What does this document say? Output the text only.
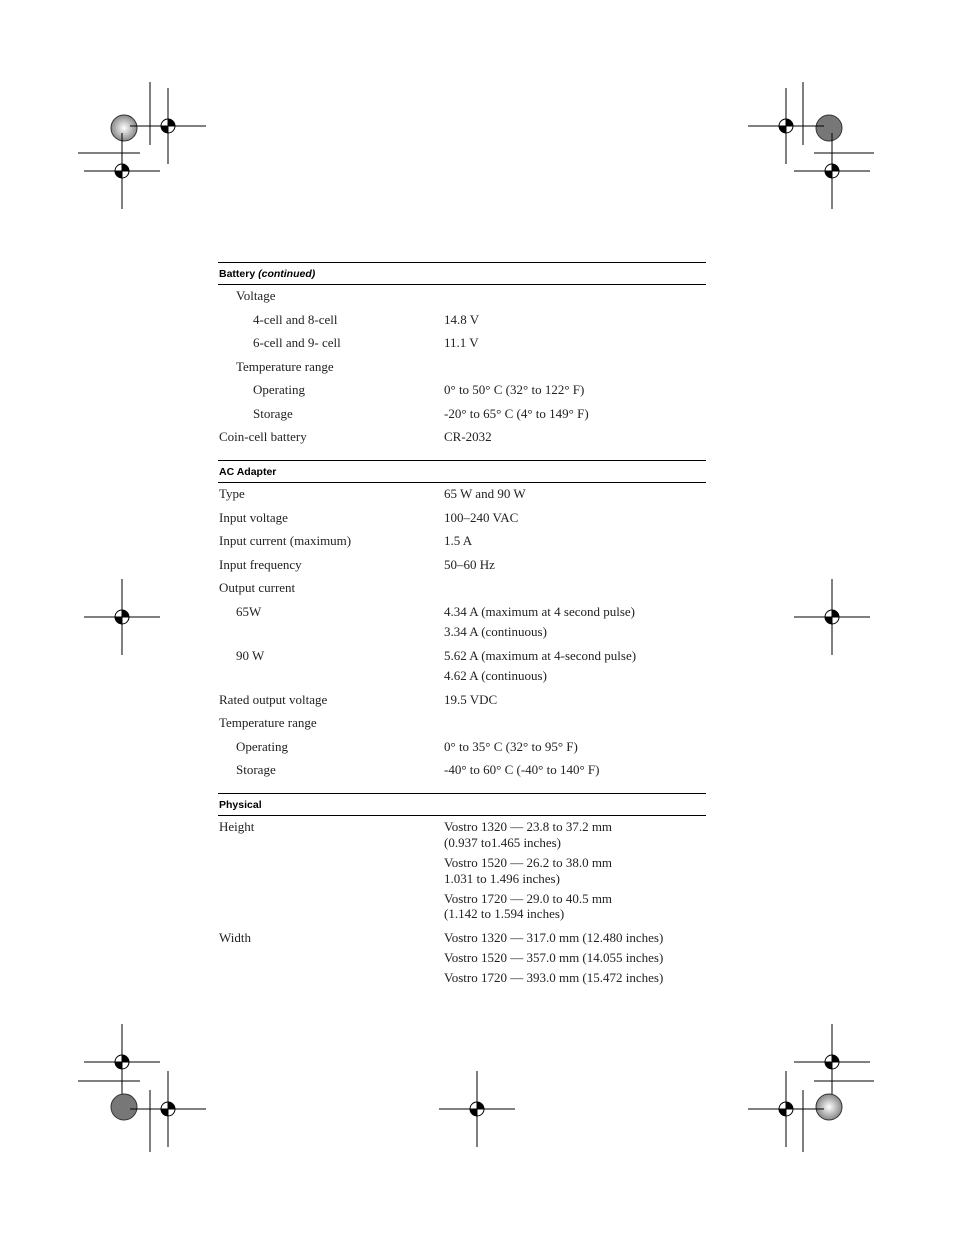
Battery (continued)
Voltage
4-cell and 8-cell	14.8 V
6-cell and 9- cell	11.1 V
Temperature range
Operating	0° to 50° C (32° to 122° F)
Storage	-20° to 65° C (4° to 149° F)
Coin-cell battery	CR-2032
AC Adapter
Type	65 W and 90 W
Input voltage	100–240 VAC
Input current (maximum)	1.5 A
Input frequency	50–60 Hz
Output current
65W	4.34 A (maximum at 4 second pulse)
3.34 A (continuous)
90 W	5.62 A (maximum at 4-second pulse)
4.62 A (continuous)
Rated output voltage	19.5 VDC
Temperature range
Operating	0° to 35° C (32° to 95° F)
Storage	-40° to 60° C (-40° to 140° F)
Physical
Height	Vostro 1320 — 23.8 to 37.2 mm
(0.937 to1.465 inches)
Vostro 1520 — 26.2 to 38.0 mm
1.031 to 1.496 inches)
Vostro 1720 — 29.0 to 40.5 mm
(1.142 to 1.594 inches)
Width	Vostro 1320 — 317.0 mm (12.480 inches)
Vostro 1520 — 357.0 mm (14.055 inches)
Vostro 1720 — 393.0 mm (15.472 inches)
